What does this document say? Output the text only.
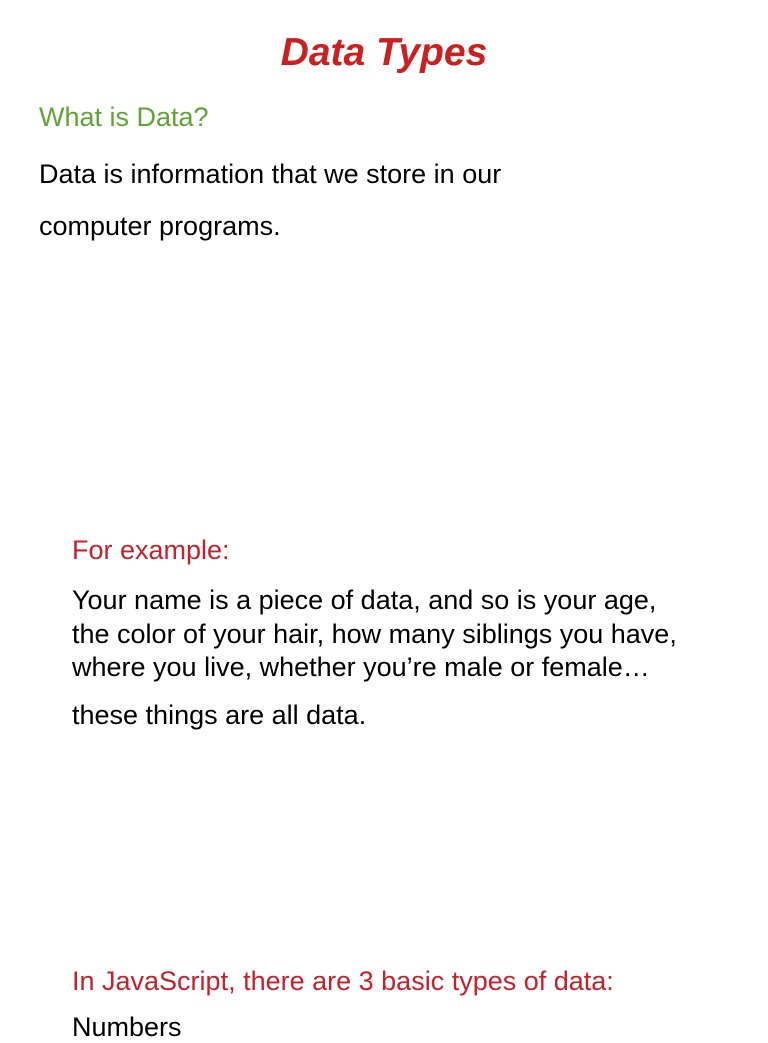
Data Types
What is Data?
Data is information that we store in our
computer programs.
For example:
Your name is a piece of data, and so is your age,
the color of your hair, how many siblings you have,
where you live, whether you’re male or female…
these things are all data.
In JavaScript, there are 3 basic types of data:
Numbers
